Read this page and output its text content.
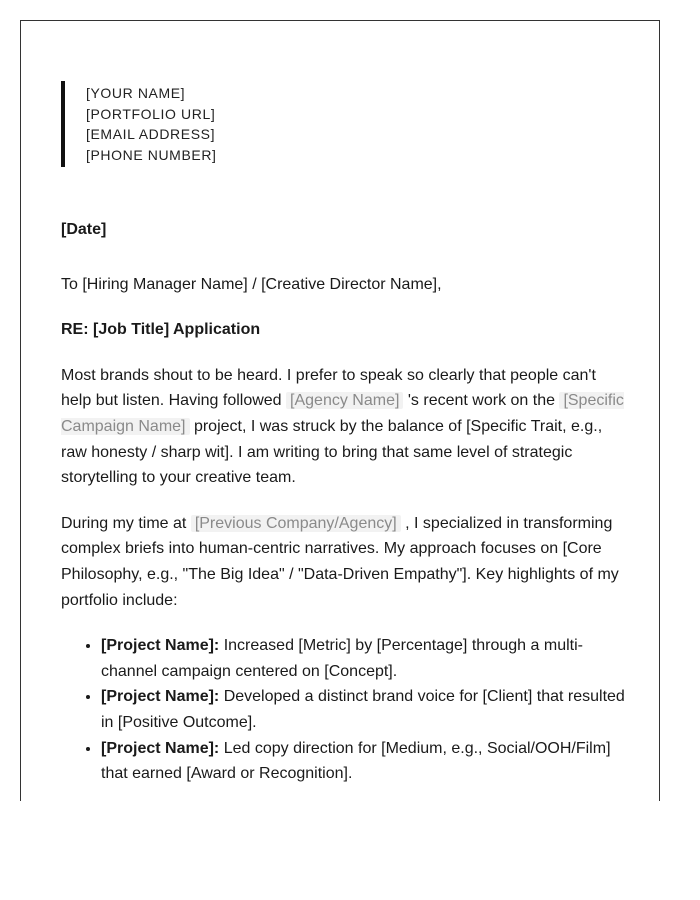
[YOUR NAME]
[PORTFOLIO URL]
[EMAIL ADDRESS]
[PHONE NUMBER]

[Date]

To [Hiring Manager Name] / [Creative Director Name],

RE: [Job Title] Application

Most brands shout to be heard. I prefer to speak so clearly that people can't help but listen. Having followed [Agency Name] 's recent work on the [Specific Campaign Name] project, I was struck by the balance of [Specific Trait, e.g., raw honesty / sharp wit]. I am writing to bring that same level of strategic storytelling to your creative team.

During my time at [Previous Company/Agency] , I specialized in transforming complex briefs into human-centric narratives. My approach focuses on [Core Philosophy, e.g., "The Big Idea" / "Data-Driven Empathy"]. Key highlights of my portfolio include:

• [Project Name]: Increased [Metric] by [Percentage] through a multi-channel campaign centered on [Concept].
• [Project Name]: Developed a distinct brand voice for [Client] that resulted in [Positive Outcome].
• [Project Name]: Led copy direction for [Medium, e.g., Social/OOH/Film] that earned [Award or Recognition].
